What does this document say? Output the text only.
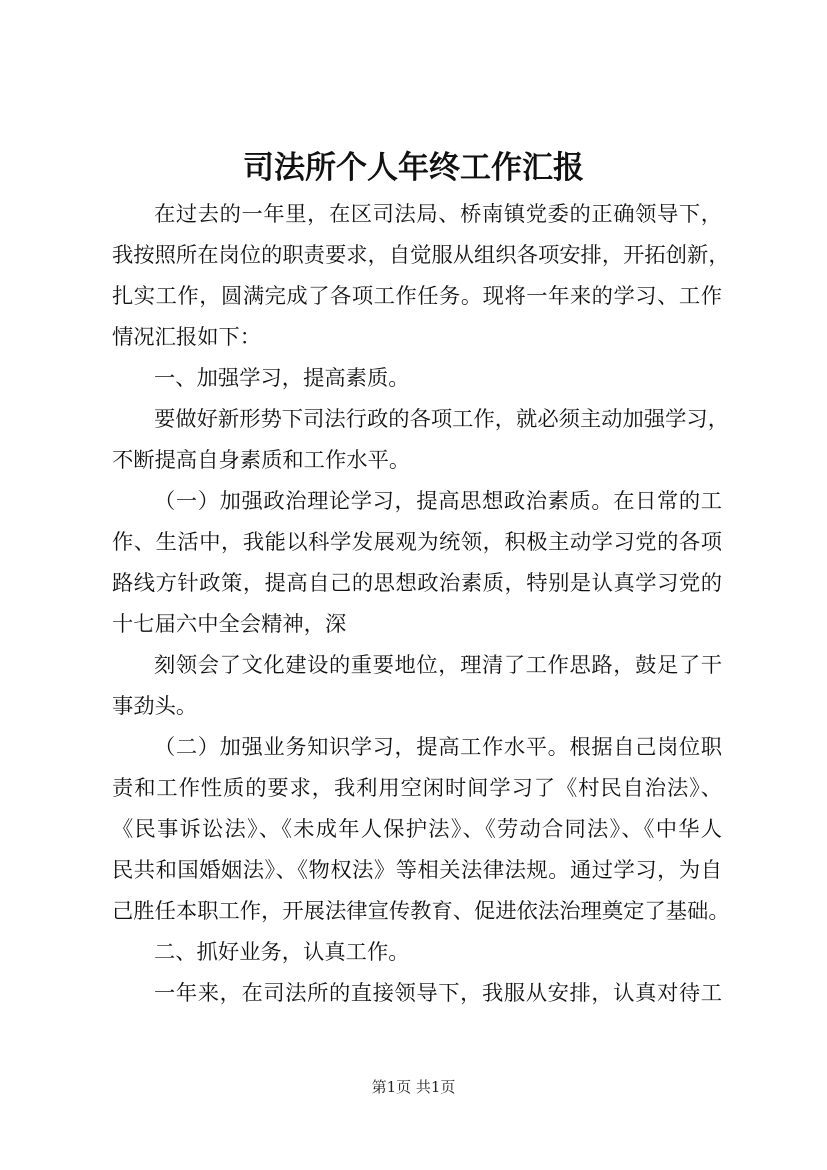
司法所个人年终工作汇报
在过去的一年里，在区司法局、桥南镇党委的正确领导下，
我按照所在岗位的职责要求，自觉服从组织各项安排，开拓创新，
扎实工作，圆满完成了各项工作任务。现将一年来的学习、工作
情况汇报如下：
一、加强学习，提高素质。
要做好新形势下司法行政的各项工作，就必须主动加强学习，
不断提高自身素质和工作水平。
（一）加强政治理论学习，提高思想政治素质。在日常的工
作、生活中，我能以科学发展观为统领，积极主动学习党的各项
路线方针政策，提高自己的思想政治素质，特别是认真学习党的
十七届六中全会精神，深
刻领会了文化建设的重要地位，理清了工作思路，鼓足了干
事劲头。
（二）加强业务知识学习，提高工作水平。根据自己岗位职
责和工作性质的要求，我利用空闲时间学习了《村民自治法》、
《民事诉讼法》、《未成年人保护法》、《劳动合同法》、《中华人
民共和国婚姻法》、《物权法》等相关法律法规。通过学习，为自
己胜任本职工作，开展法律宣传教育、促进依法治理奠定了基础。
二、抓好业务，认真工作。
一年来，在司法所的直接领导下，我服从安排，认真对待工
第1页 共1页
